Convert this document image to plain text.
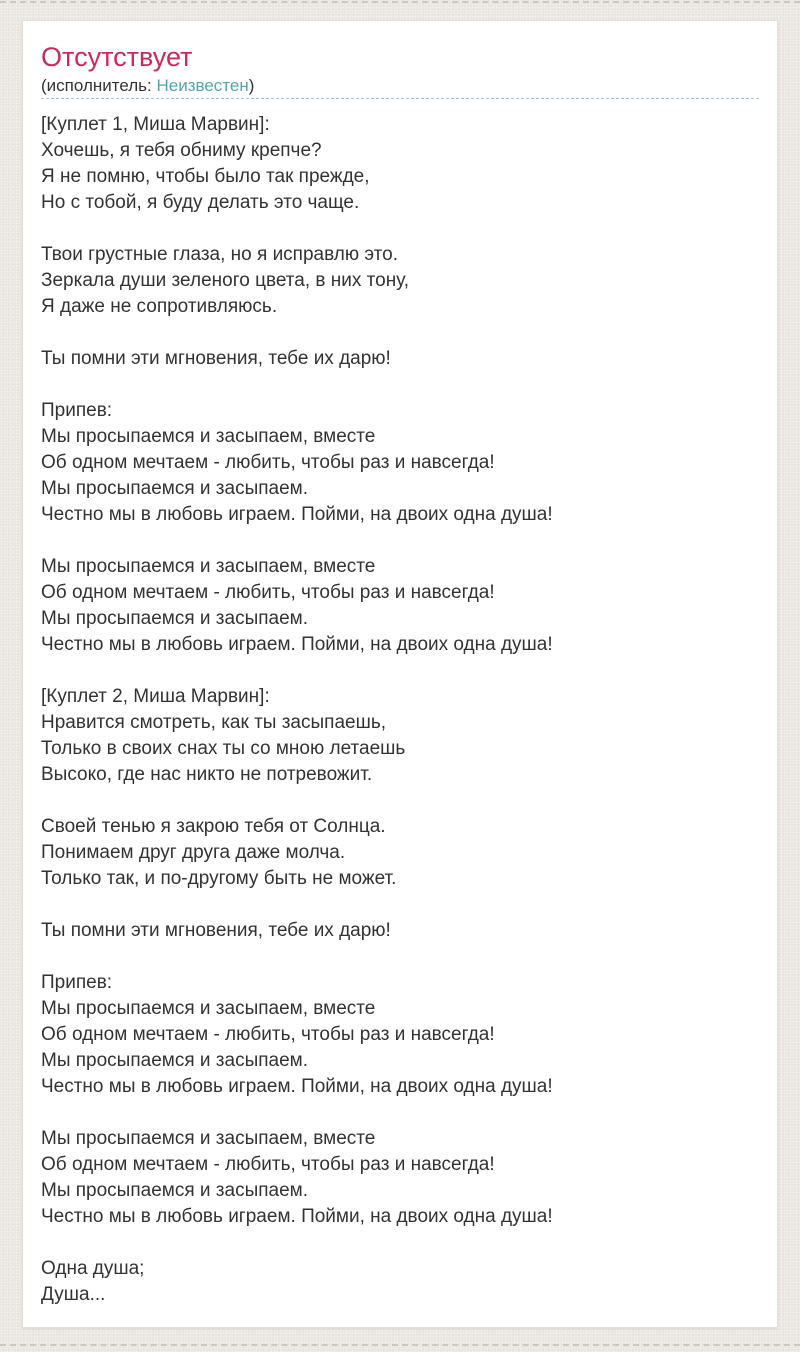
Отсутствует
(исполнитель: Неизвестен)
[Куплет 1, Миша Марвин]:
Хочешь, я тебя обниму крепче?
Я не помню, чтобы было так прежде,
Но с тобой, я буду делать это чаще.

Твои грустные глаза, но я исправлю это.
Зеркала души зеленого цвета, в них тону,
Я даже не сопротивляюсь.

Ты помни эти мгновения, тебе их дарю!

Припев:
Мы просыпаемся и засыпаем, вместе
Об одном мечтаем - любить, чтобы раз и навсегда!
Мы просыпаемся и засыпаем.
Честно мы в любовь играем. Пойми, на двоих одна душа!

Мы просыпаемся и засыпаем, вместе
Об одном мечтаем - любить, чтобы раз и навсегда!
Мы просыпаемся и засыпаем.
Честно мы в любовь играем. Пойми, на двоих одна душа!

[Куплет 2, Миша Марвин]:
Нравится смотреть, как ты засыпаешь,
Только в своих снах ты со мною летаешь
Высоко, где нас никто не потревожит.

Своей тенью я закрою тебя от Солнца.
Понимаем друг друга даже молча.
Только так, и по-другому быть не может.

Ты помни эти мгновения, тебе их дарю!

Припев:
Мы просыпаемся и засыпаем, вместе
Об одном мечтаем - любить, чтобы раз и навсегда!
Мы просыпаемся и засыпаем.
Честно мы в любовь играем. Пойми, на двоих одна душа!

Мы просыпаемся и засыпаем, вместе
Об одном мечтаем - любить, чтобы раз и навсегда!
Мы просыпаемся и засыпаем.
Честно мы в любовь играем. Пойми, на двоих одна душа!

Одна душа;
Душа...
